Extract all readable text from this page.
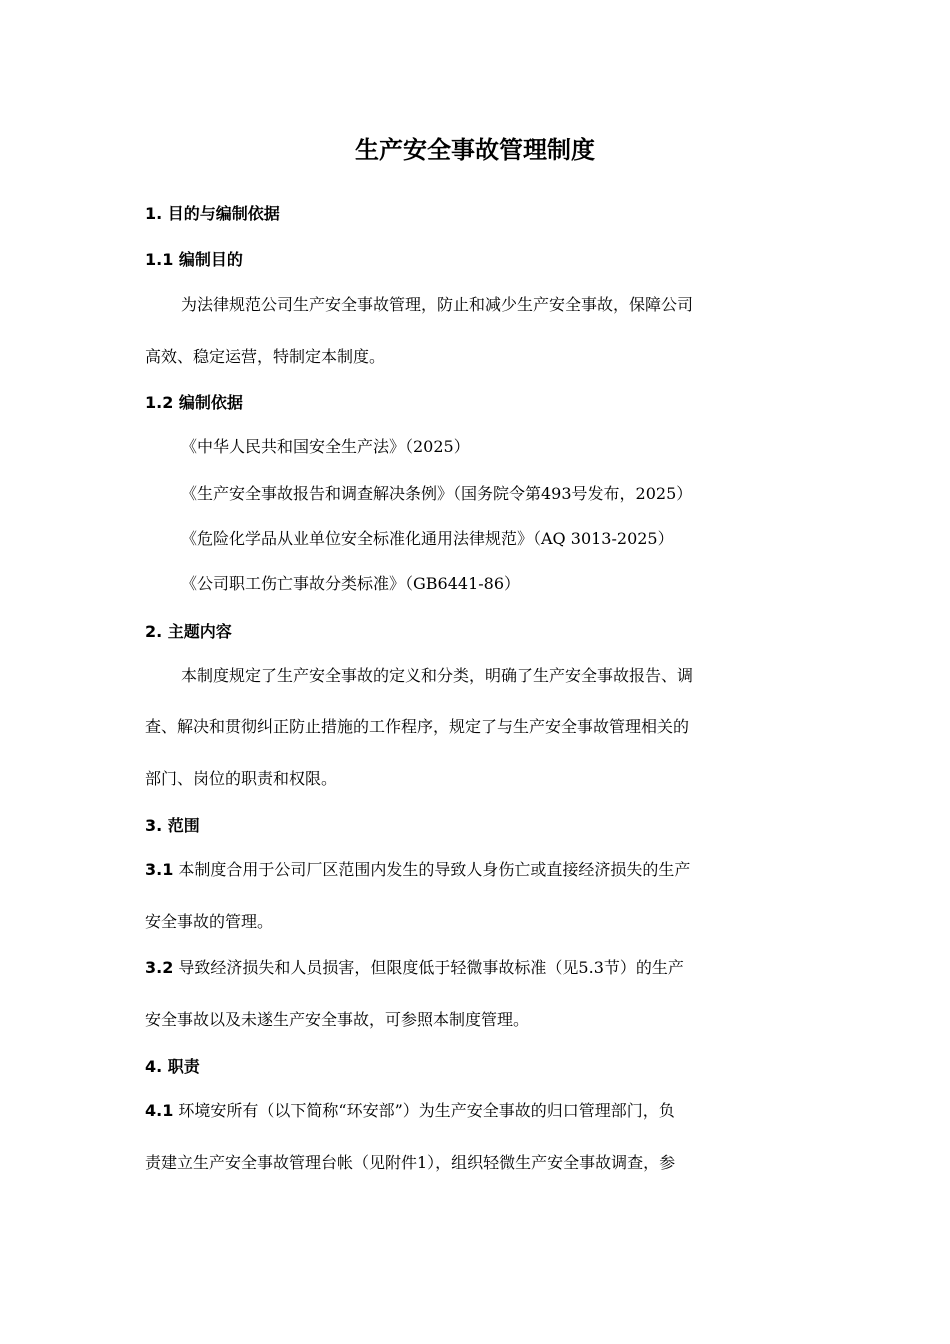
生产安全事故管理制度

1. 目的与编制依据

1.1 编制目的

为法律规范公司生产安全事故管理，防止和减少生产安全事故，保障公司

高效、稳定运营，特制定本制度。

1.2 编制依据

《中华人民共和国安全生产法》（2025）

《生产安全事故报告和调查解决条例》（国务院令第493号发布，2025）

《危险化学品从业单位安全标准化通用法律规范》（AQ 3013-2025）

《公司职工伤亡事故分类标准》（GB6441-86）

2. 主题内容

本制度规定了生产安全事故的定义和分类，明确了生产安全事故报告、调

查、解决和贯彻纠正防止措施的工作程序，规定了与生产安全事故管理相关的

部门、岗位的职责和权限。

3. 范围

3.1 本制度合用于公司厂区范围内发生的导致人身伤亡或直接经济损失的生产

安全事故的管理。

3.2 导致经济损失和人员损害，但限度低于轻微事故标准（见5.3节）的生产

安全事故以及未遂生产安全事故，可参照本制度管理。

4. 职责

4.1 环境安所有（以下简称“环安部”）为生产安全事故的归口管理部门，负

责建立生产安全事故管理台帐（见附件1），组织轻微生产安全事故调查，参
